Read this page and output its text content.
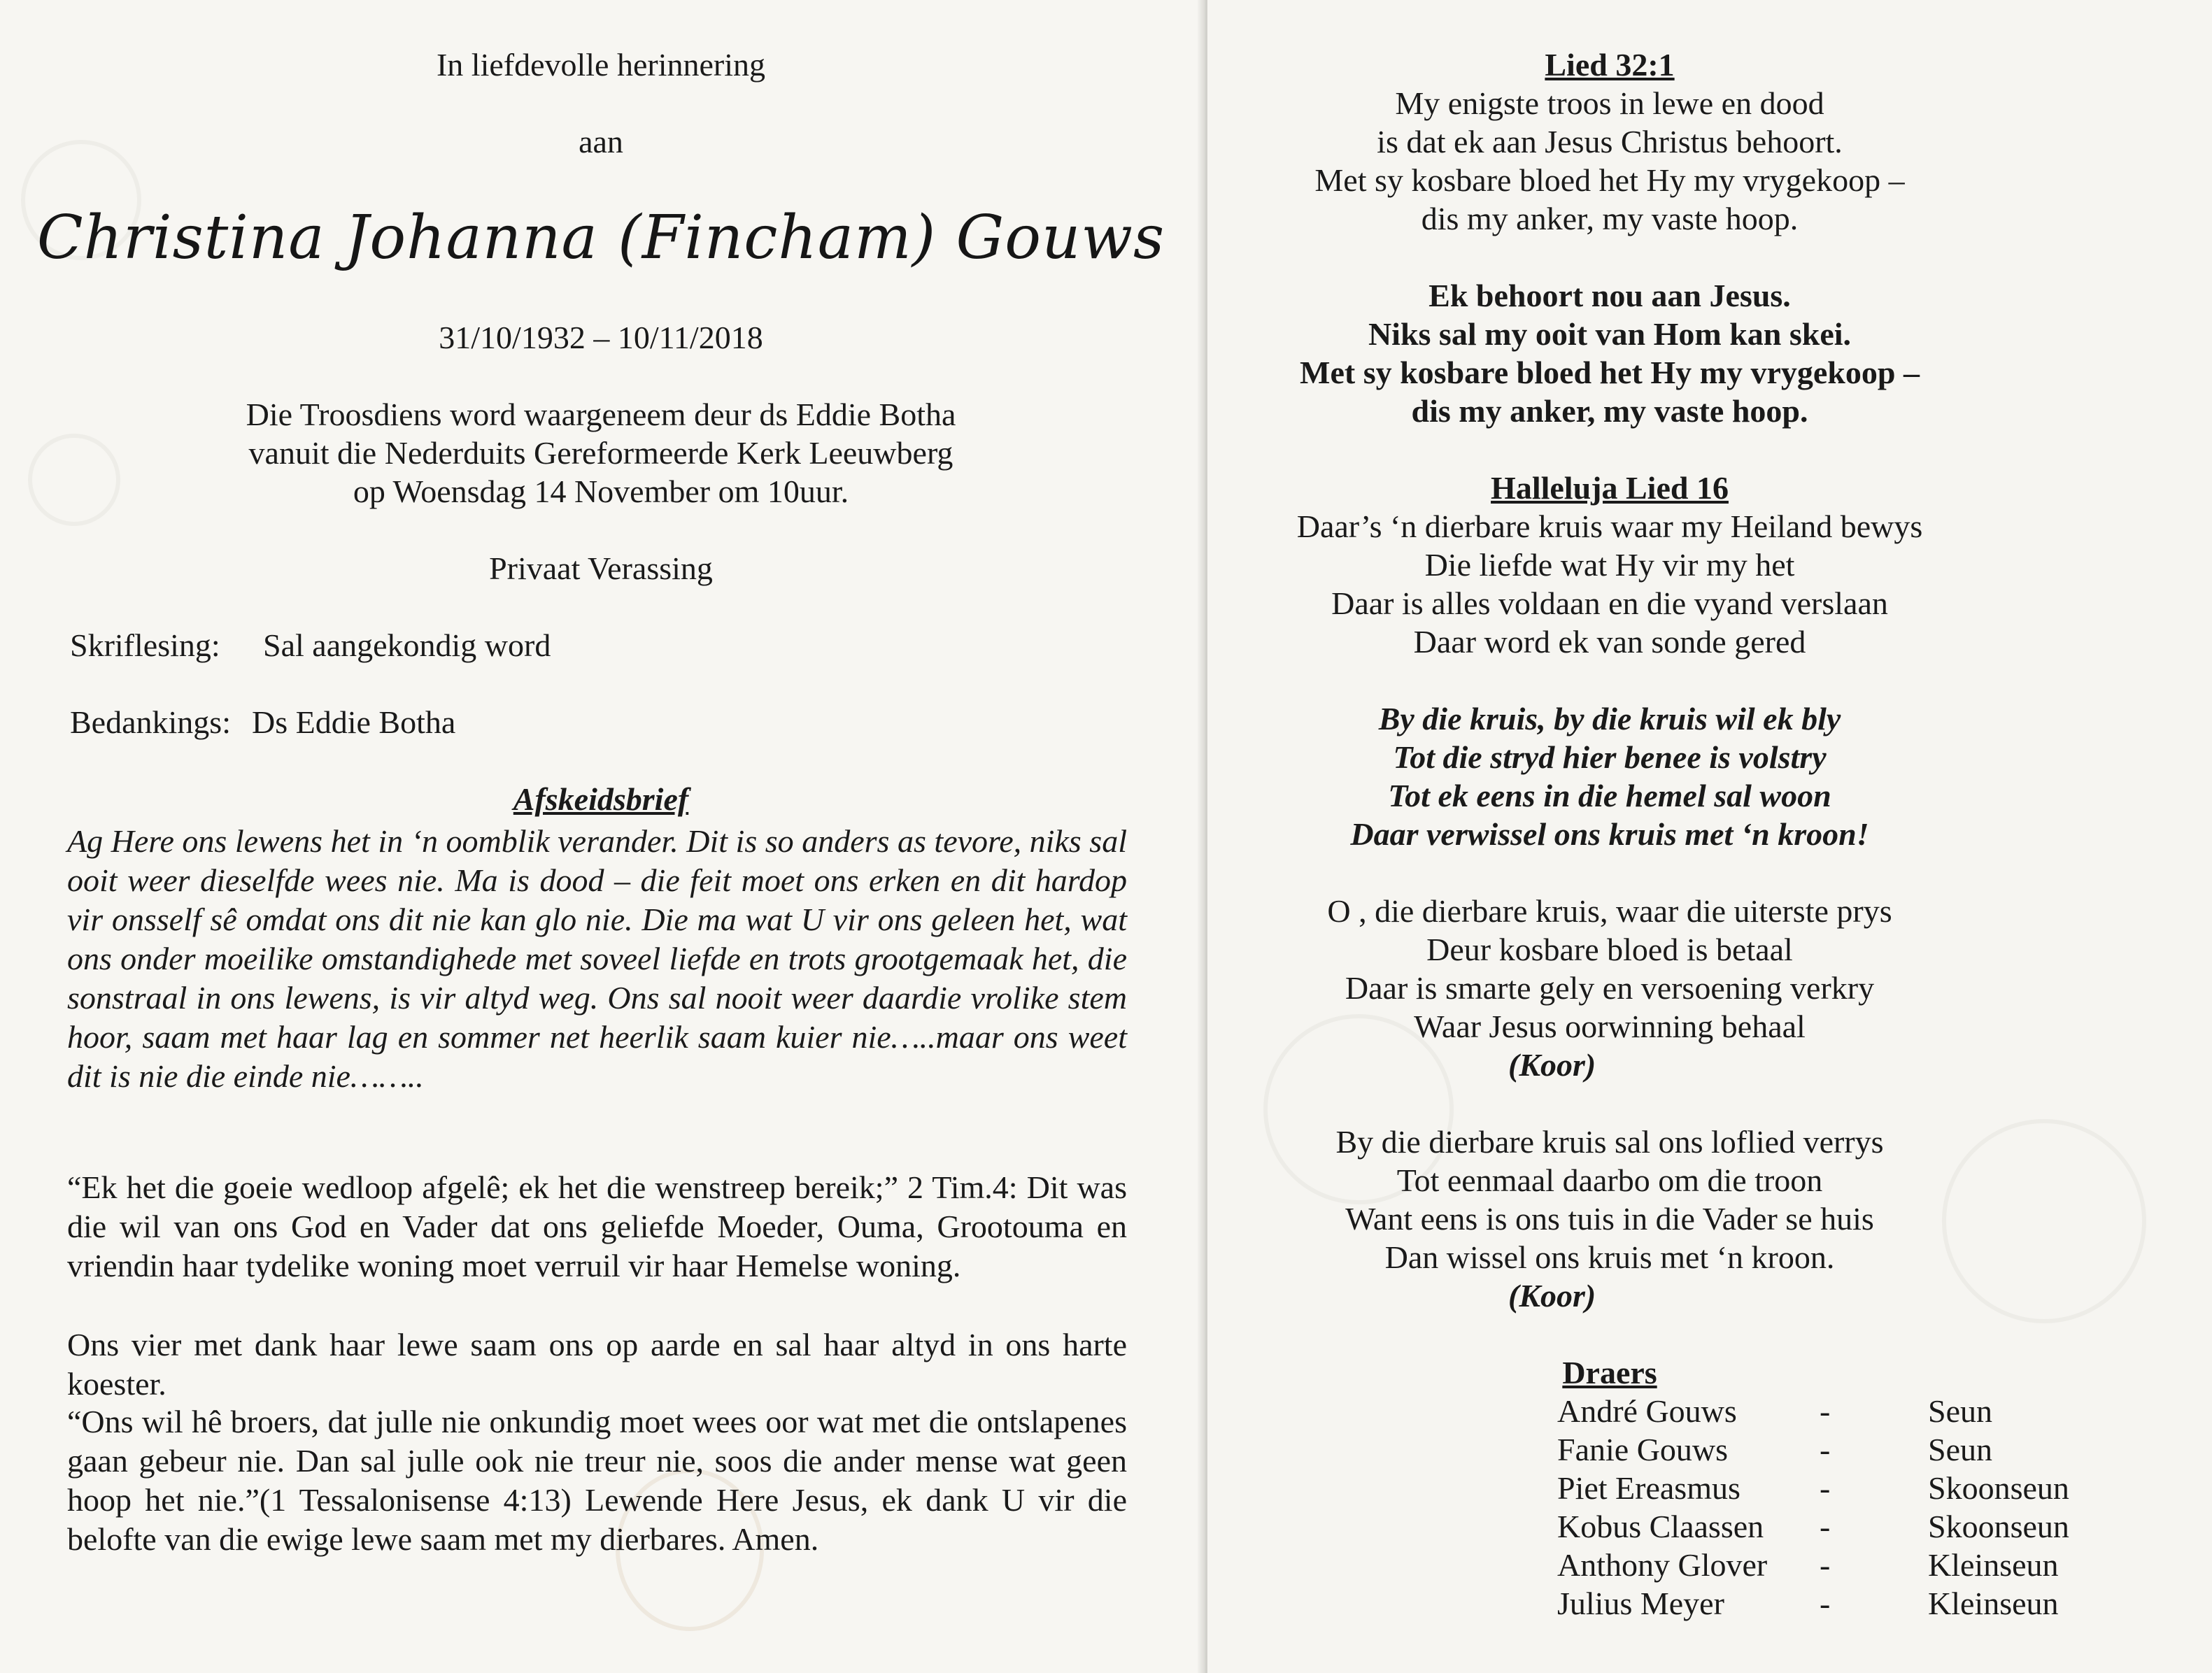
In liefdevolle herinnering
aan
Christina Johanna (Fincham) Gouws
31/10/1932 – 10/11/2018
Die Troosdiens word waargeneem deur ds Eddie Botha
vanuit die Nederduits Gereformeerde Kerk Leeuwberg
op Woensdag 14 November om 10uur.
Privaat Verassing
Skriflesing: Sal aangekondig word
Bedankings: Ds Eddie Botha
Afskeidsbrief
Ag Here ons lewens het in ‘n oomblik verander. Dit is so anders as tevore, niks sal ooit weer dieselfde wees nie. Ma is dood – die feit moet ons erken en dit hardop vir onsself sê omdat ons dit nie kan glo nie. Die ma wat U vir ons geleen het, wat ons onder moeilike omstandighede met soveel liefde en trots grootgemaak het, die sonstraal in ons lewens, is vir altyd weg. Ons sal nooit weer daardie vrolike stem hoor, saam met haar lag en sommer net heerlik saam kuier nie…..maar ons weet dit is nie die einde nie……..
“Ek het die goeie wedloop afgelê; ek het die wenstreep bereik;” 2 Tim.4: Dit was die wil van ons God en Vader dat ons geliefde Moeder, Ouma, Grootouma en vriendin haar tydelike woning moet verruil vir haar Hemelse woning.
Ons vier met dank haar lewe saam ons op aarde en sal haar altyd in ons harte koester.
“Ons wil hê broers, dat julle nie onkundig moet wees oor wat met die ontslapenes gaan gebeur nie. Dan sal julle ook nie treur nie, soos die ander mense wat geen hoop het nie.”(1 Tessalonisense 4:13) Lewende Here Jesus, ek dank U vir die belofte van die ewige lewe saam met my dierbares. Amen.
Lied 32:1
My enigste troos in lewe en dood
is dat ek aan Jesus Christus behoort.
Met sy kosbare bloed het Hy my vrygekoop –
dis my anker, my vaste hoop.
Ek behoort nou aan Jesus.
Niks sal my ooit van Hom kan skei.
Met sy kosbare bloed het Hy my vrygekoop –
dis my anker, my vaste hoop.
Halleluja Lied 16
Daar’s ‘n dierbare kruis waar my Heiland bewys
Die liefde wat Hy vir my het
Daar is alles voldaan en die vyand verslaan
Daar word ek van sonde gered
By die kruis, by die kruis wil ek bly
Tot die stryd hier benee is volstry
Tot ek eens in die hemel sal woon
Daar verwissel ons kruis met ‘n kroon!
O , die dierbare kruis, waar die uiterste prys
Deur kosbare bloed is betaal
Daar is smarte gely en versoening verkry
Waar Jesus oorwinning behaal
(Koor)
By die dierbare kruis sal ons loflied verrys
Tot eenmaal daarbo om die troon
Want eens is ons tuis in die Vader se huis
Dan wissel ons kruis met ‘n kroon.
(Koor)
Draers
André Gouws	-	Seun
Fanie Gouws	-	Seun
Piet Ereasmus -	Skoonseun
Kobus Claassen -	Skoonseun
Anthony Glover -	Kleinseun
Julius Meyer	-	Kleinseun
